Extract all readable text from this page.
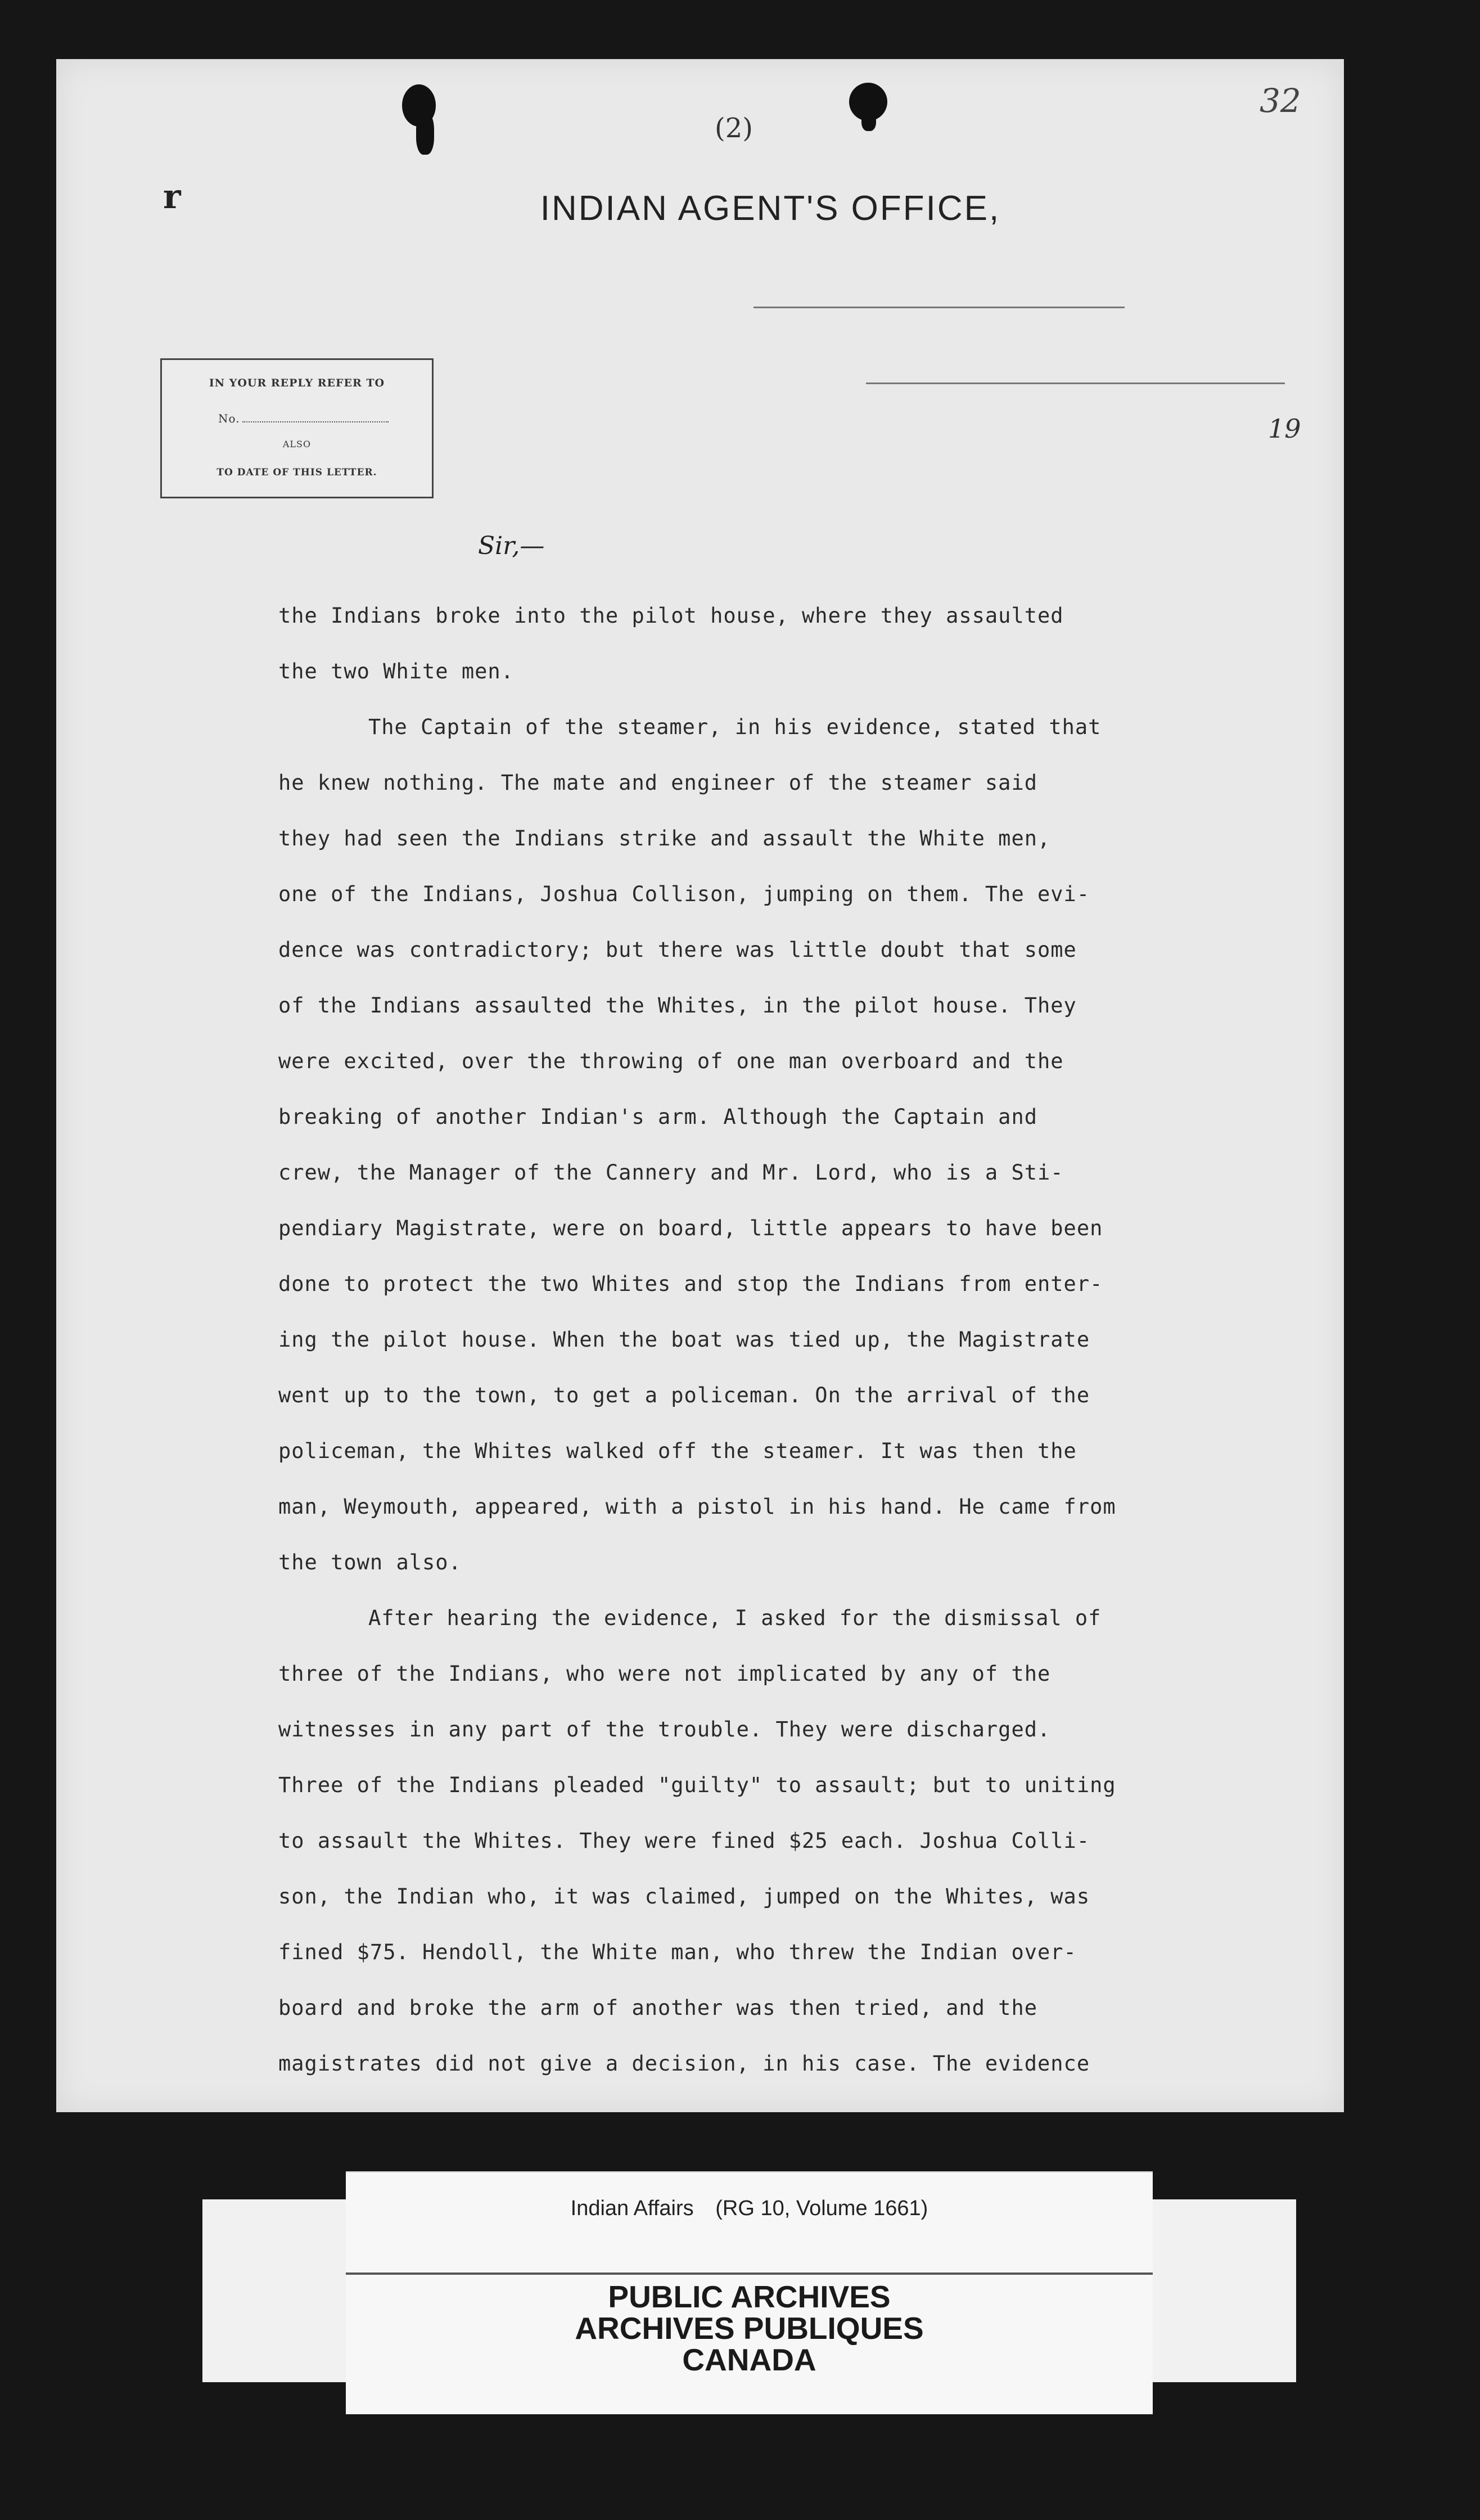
(2)
32
r	INDIAN AGENT'S OFFICE,
19
IN YOUR REPLY REFER TO
No.
ALSO
TO DATE OF THIS LETTER.
Sir,—

the Indians broke into the pilot house, where they assaulted

the two White men.

The Captain of the steamer, in his evidence, stated that

he knew nothing. The mate and engineer of the steamer said

they had seen the Indians strike and assault the White men,

one of the Indians, Joshua Collison, jumping on them. The evi-

dence was contradictory; but there was little doubt that some

of the Indians assaulted the Whites, in the pilot house. They

were excited, over the throwing of one man overboard and the

breaking of another Indian's arm. Although the Captain and

crew, the Manager of the Cannery and Mr. Lord, who is a Sti-

pendiary Magistrate, were on board, little appears to have been

done to protect the two Whites and stop the Indians from enter-

ing the pilot house. When the boat was tied up, the Magistrate

went up to the town, to get a policeman. On the arrival of the

policeman, the Whites walked off the steamer. It was then the

man, Weymouth, appeared, with a pistol in his hand. He came from

the town also.

After hearing the evidence, I asked for the dismissal of

three of the Indians, who were not implicated by any of the

witnesses in any part of the trouble. They were discharged.

Three of the Indians pleaded "guilty" to assault; but to uniting

to assault the Whites. They were fined $25 each. Joshua Colli-

son, the Indian who, it was claimed, jumped on the Whites, was

fined $75. Hendoll, the White man, who threw the Indian over-

board and broke the arm of another was then tried, and the

magistrates did not give a decision, in his case. The evidence

Indian Affairs (RG 10, Volume 1661)
PUBLIC ARCHIVES
ARCHIVES PUBLIQUES
CANADA
